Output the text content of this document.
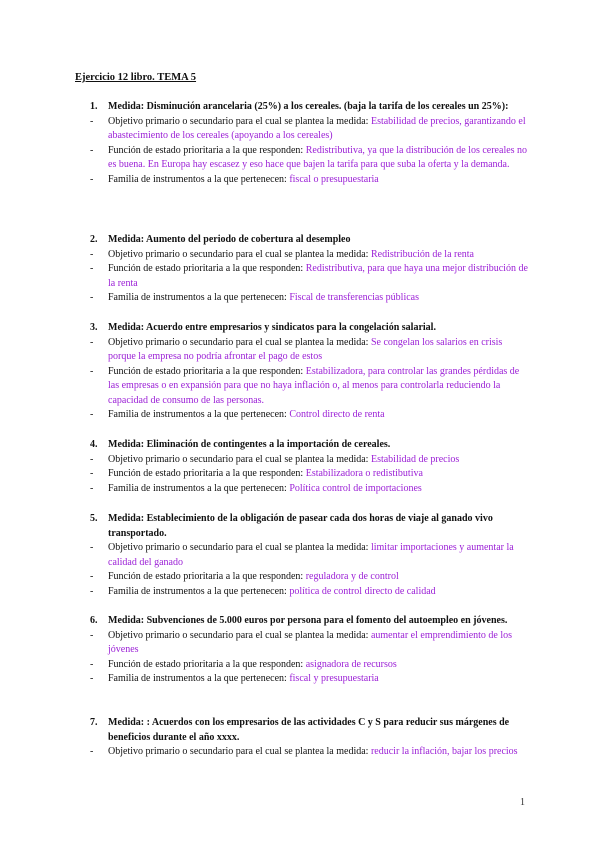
Ejercicio 12 libro. TEMA 5
1. Medida: Disminución arancelaria (25%) a los cereales. (baja la tarifa de los cereales un 25%):
- Objetivo primario o secundario para el cual se plantea la medida: Estabilidad de precios, garantizando el abastecimiento de los cereales (apoyando a los cereales)
- Función de estado prioritaria a la que responden: Redistributiva, ya que la distribución de los cereales no es buena. En Europa hay escasez y eso hace que bajen la tarifa para que suba la oferta y la demanda.
- Familia de instrumentos a la que pertenecen: fiscal o presupuestaria
2. Medida: Aumento del periodo de cobertura al desempleo
- Objetivo primario o secundario para el cual se plantea la medida: Redistribución de la renta
- Función de estado prioritaria a la que responden: Redistributiva, para que haya una mejor distribución de la renta
- Familia de instrumentos a la que pertenecen: Fiscal de transferencias públicas
3. Medida: Acuerdo entre empresarios y sindicatos para la congelación salarial.
- Objetivo primario o secundario para el cual se plantea la medida: Se congelan los salarios en crisis porque la empresa no podría afrontar el pago de estos
- Función de estado prioritaria a la que responden: Estabilizadora, para controlar las grandes pérdidas de las empresas o en expansión para que no haya inflación o, al menos para controlarla reduciendo la capacidad de consumo de las personas.
- Familia de instrumentos a la que pertenecen: Control directo de renta
4. Medida: Eliminación de contingentes a la importación de cereales.
- Objetivo primario o secundario para el cual se plantea la medida: Estabilidad de precios
- Función de estado prioritaria a la que responden: Estabilizadora o redistibutiva
- Familia de instrumentos a la que pertenecen: Política control de importaciones
5. Medida: Establecimiento de la obligación de pasear cada dos horas de viaje al ganado vivo transportado.
- Objetivo primario o secundario para el cual se plantea la medida: limitar importaciones y aumentar la calidad del ganado
- Función de estado prioritaria a la que responden: reguladora y de control
- Familia de instrumentos a la que pertenecen: política de control directo de calidad
6. Medida: Subvenciones de 5.000 euros por persona para el fomento del autoempleo en jóvenes.
- Objetivo primario o secundario para el cual se plantea la medida: aumentar el emprendimiento de los jóvenes
- Función de estado prioritaria a la que responden: asignadora de recursos
- Familia de instrumentos a la que pertenecen: fiscal y presupuestaria
7. Medida: : Acuerdos con los empresarios de las actividades C y S para reducir sus márgenes de beneficios durante el año xxxx.
- Objetivo primario o secundario para el cual se plantea la medida: reducir la inflación, bajar los precios
1
